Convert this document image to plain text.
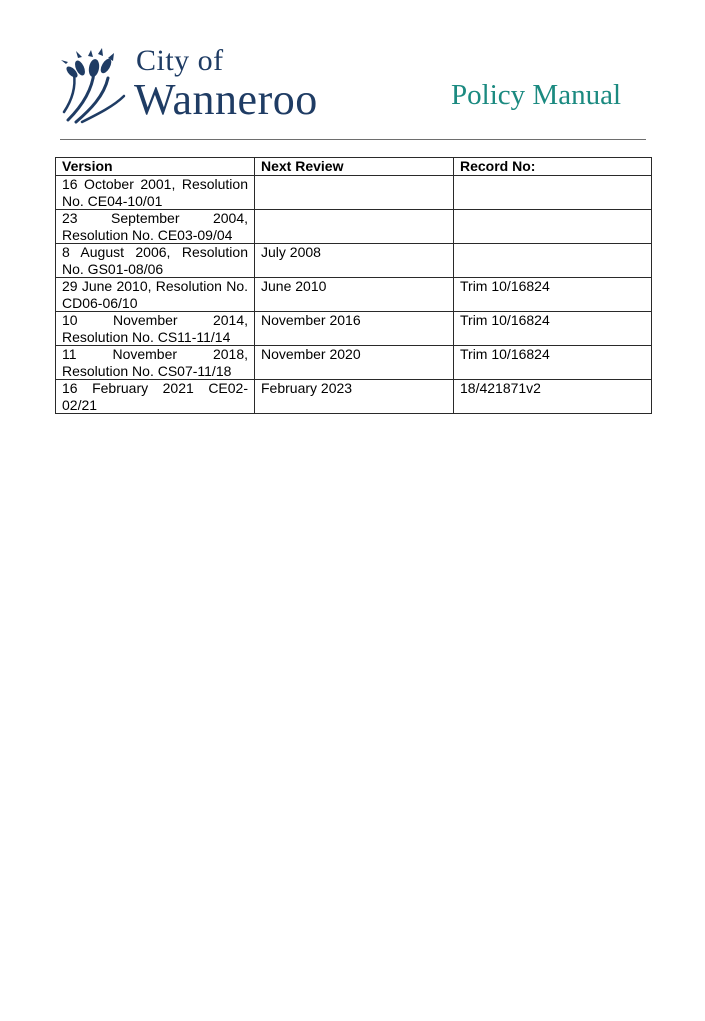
City of
Wanneroo	Policy Manual
Version	Next Review	Record No:
16 October 2001, Resolution No. CE04-10/01		
23 September 2004, Resolution No. CE03-09/04		
8 August 2006, Resolution No. GS01-08/06	July 2008	
29 June 2010, Resolution No. CD06-06/10	June 2010	Trim 10/16824
10 November 2014, Resolution No. CS11-11/14	November 2016	Trim 10/16824
11 November 2018, Resolution No. CS07-11/18	November 2020	Trim 10/16824
16 February 2021 CE02-02/21	February 2023	18/421871v2
